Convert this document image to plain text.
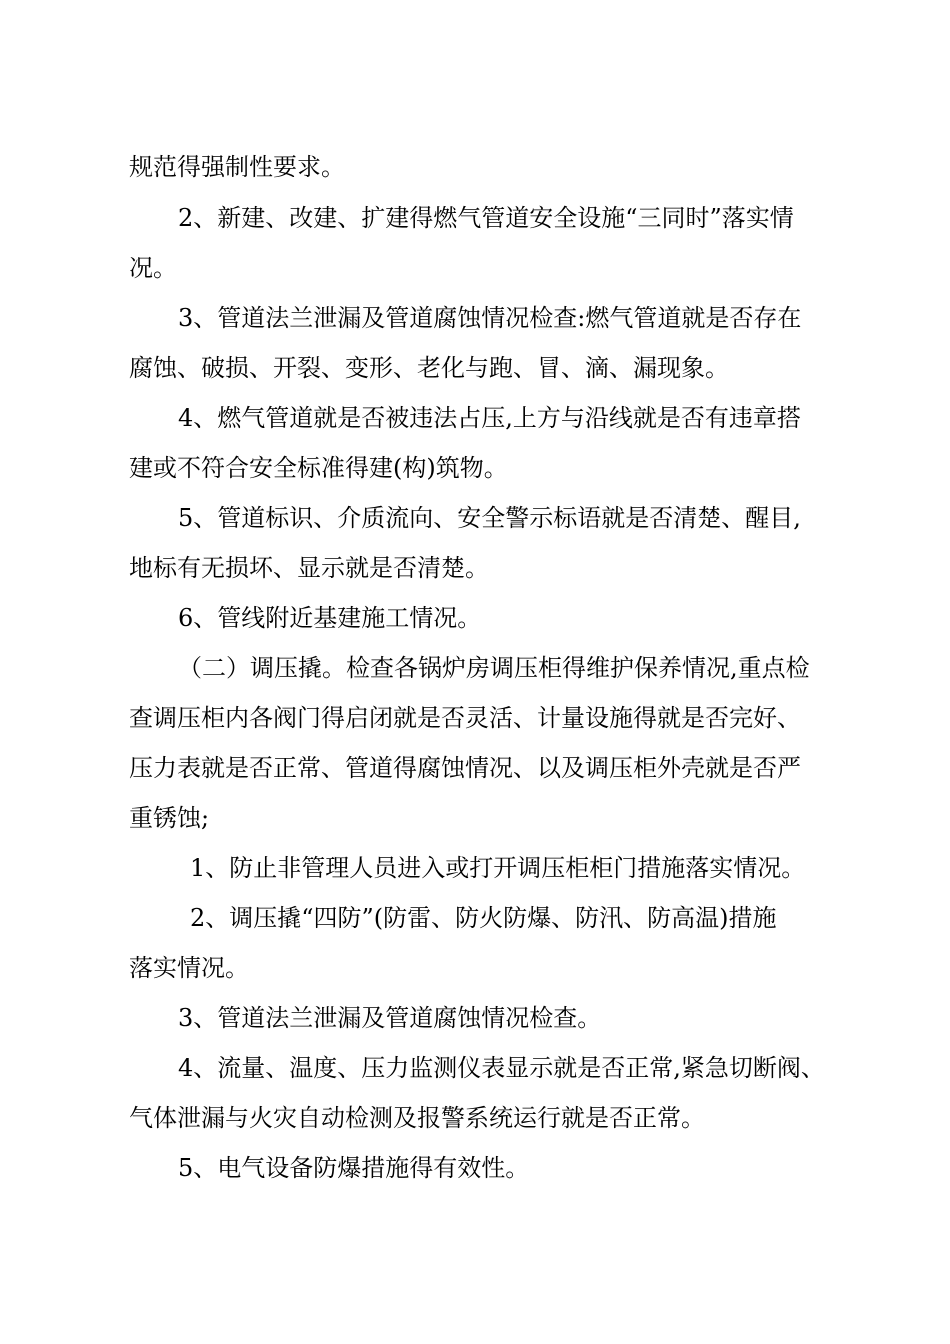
规范得强制性要求。
2、新建、改建、扩建得燃气管道安全设施“三同时”落实情
况。
3、管道法兰泄漏及管道腐蚀情况检查:燃气管道就是否存在
腐蚀、破损、开裂、变形、老化与跑、冒、滴、漏现象。
4、燃气管道就是否被违法占压,上方与沿线就是否有违章搭
建或不符合安全标准得建(构)筑物。
5、管道标识、介质流向、安全警示标语就是否清楚、醒目,
地标有无损坏、显示就是否清楚。
6、管线附近基建施工情况。
（二）调压撬。检查各锅炉房调压柜得维护保养情况,重点检
查调压柜内各阀门得启闭就是否灵活、计量设施得就是否完好、
压力表就是否正常、管道得腐蚀情况、以及调压柜外壳就是否严
重锈蚀;
1、防止非管理人员进入或打开调压柜柜门措施落实情况。
2、调压撬“四防”(防雷、防火防爆、防汛、防高温)措施
落实情况。
3、管道法兰泄漏及管道腐蚀情况检查。
4、流量、温度、压力监测仪表显示就是否正常,紧急切断阀、
气体泄漏与火灾自动检测及报警系统运行就是否正常。
5、电气设备防爆措施得有效性。
